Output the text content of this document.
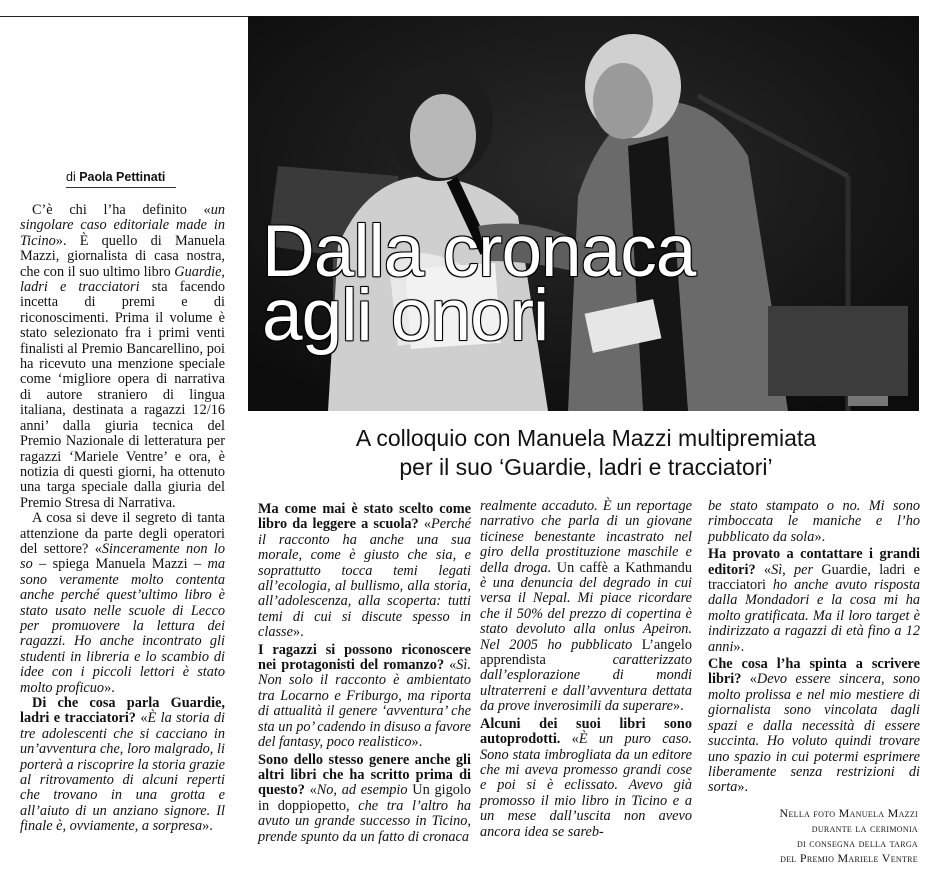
di Paola Pettinati

C’è chi l’ha definito «un singolare caso editoriale made in Ticino». È quello di Manuela Mazzi, giornalista di casa nostra, che con il suo ultimo libro Guardie, ladri e tracciatori sta facendo incetta di premi e di riconoscimenti. Prima il volume è stato selezionato fra i primi venti finalisti al Premio Bancarellino, poi ha ricevuto una menzione speciale come ‘migliore opera di narrativa di autore straniero di lingua italiana, destinata a ragazzi 12/16 anni’ dalla giuria tecnica del Premio Nazionale di letteratura per ragazzi ‘Mariele Ventre’ e ora, è notizia di questi giorni, ha ottenuto una targa speciale dalla giuria del Premio Stresa di Narrativa.

A cosa si deve il segreto di tanta attenzione da parte degli operatori del settore? «Sinceramente non lo so – spiega Manuela Mazzi – ma sono veramente molto contenta anche perché quest’ultimo libro è stato usato nelle scuole di Lecco per promuovere la lettura dei ragazzi. Ho anche incontrato gli studenti in libreria e lo scambio di idee con i piccoli lettori è stato molto proficuo».

Di che cosa parla Guardie, ladri e tracciatori? «È la storia di tre adolescenti che si cacciano in un’avventura che, loro malgrado, li porterà a riscoprire la storia grazie al ritrovamento di alcuni reperti che trovano in una grotta e all’aiuto di un anziano signore. Il finale è, ovviamente, a sorpresa».

Dalla cronaca
agli onori
A colloquio con Manuela Mazzi multipremiata
per il suo ‘Guardie, ladri e tracciatori’

Ma come mai è stato scelto come libro da leggere a scuola? «Perché il racconto ha anche una sua morale, come è giusto che sia, e soprattutto tocca temi legati all’ecologia, al bullismo, alla storia, all’adolescenza, alla scoperta: tutti temi di cui si discute spesso in classe».

I ragazzi si possono riconoscere nei protagonisti del romanzo? «Sì. Non solo il racconto è ambientato tra Locarno e Friburgo, ma riporta di attualità il genere ‘avventura’ che sta un po’ cadendo in disuso a favore del fantasy, poco realistico».

Sono dello stesso genere anche gli altri libri che ha scritto prima di questo? «No, ad esempio Un gigolo in doppiopetto, che tra l’altro ha avuto un grande successo in Ticino, prende spunto da un fatto di cronaca

realmente accaduto. È un reportage narrativo che parla di un giovane ticinese benestante incastrato nel giro della prostituzione maschile e della droga. Un caffè a Kathmandu è una denuncia del degrado in cui versa il Nepal. Mi piace ricordare che il 50% del prezzo di copertina è stato devoluto alla onlus Apeiron. Nel 2005 ho pubblicato L’angelo apprendista caratterizzato dall’esplorazione di mondi ultraterreni e dall’avventura dettata da prove inverosimili da superare».

Alcuni dei suoi libri sono autoprodotti. «È un puro caso. Sono stata imbrogliata da un editore che mi aveva promesso grandi cose e poi si è eclissato. Avevo già promosso il mio libro in Ticino e a un mese dall’uscita non avevo ancora idea se sareb-

be stato stampato o no. Mi sono rimboccata le maniche e l’ho pubblicato da sola».

Ha provato a contattare i grandi editori? «Sì, per Guardie, ladri e tracciatori ho anche avuto risposta dalla Mondadori e la cosa mi ha molto gratificata. Ma il loro target è indirizzato a ragazzi di età fino a 12 anni».

Che cosa l’ha spinta a scrivere libri? «Devo essere sincera, sono molto prolissa e nel mio mestiere di giornalista sono vincolata dagli spazi e dalla necessità di essere succinta. Ho voluto quindi trovare uno spazio in cui potermi esprimere liberamente senza restrizioni di sorta».

Nella foto Manuela Mazzi
durante la cerimonia
di consegna della targa
del Premio Mariele Ventre
